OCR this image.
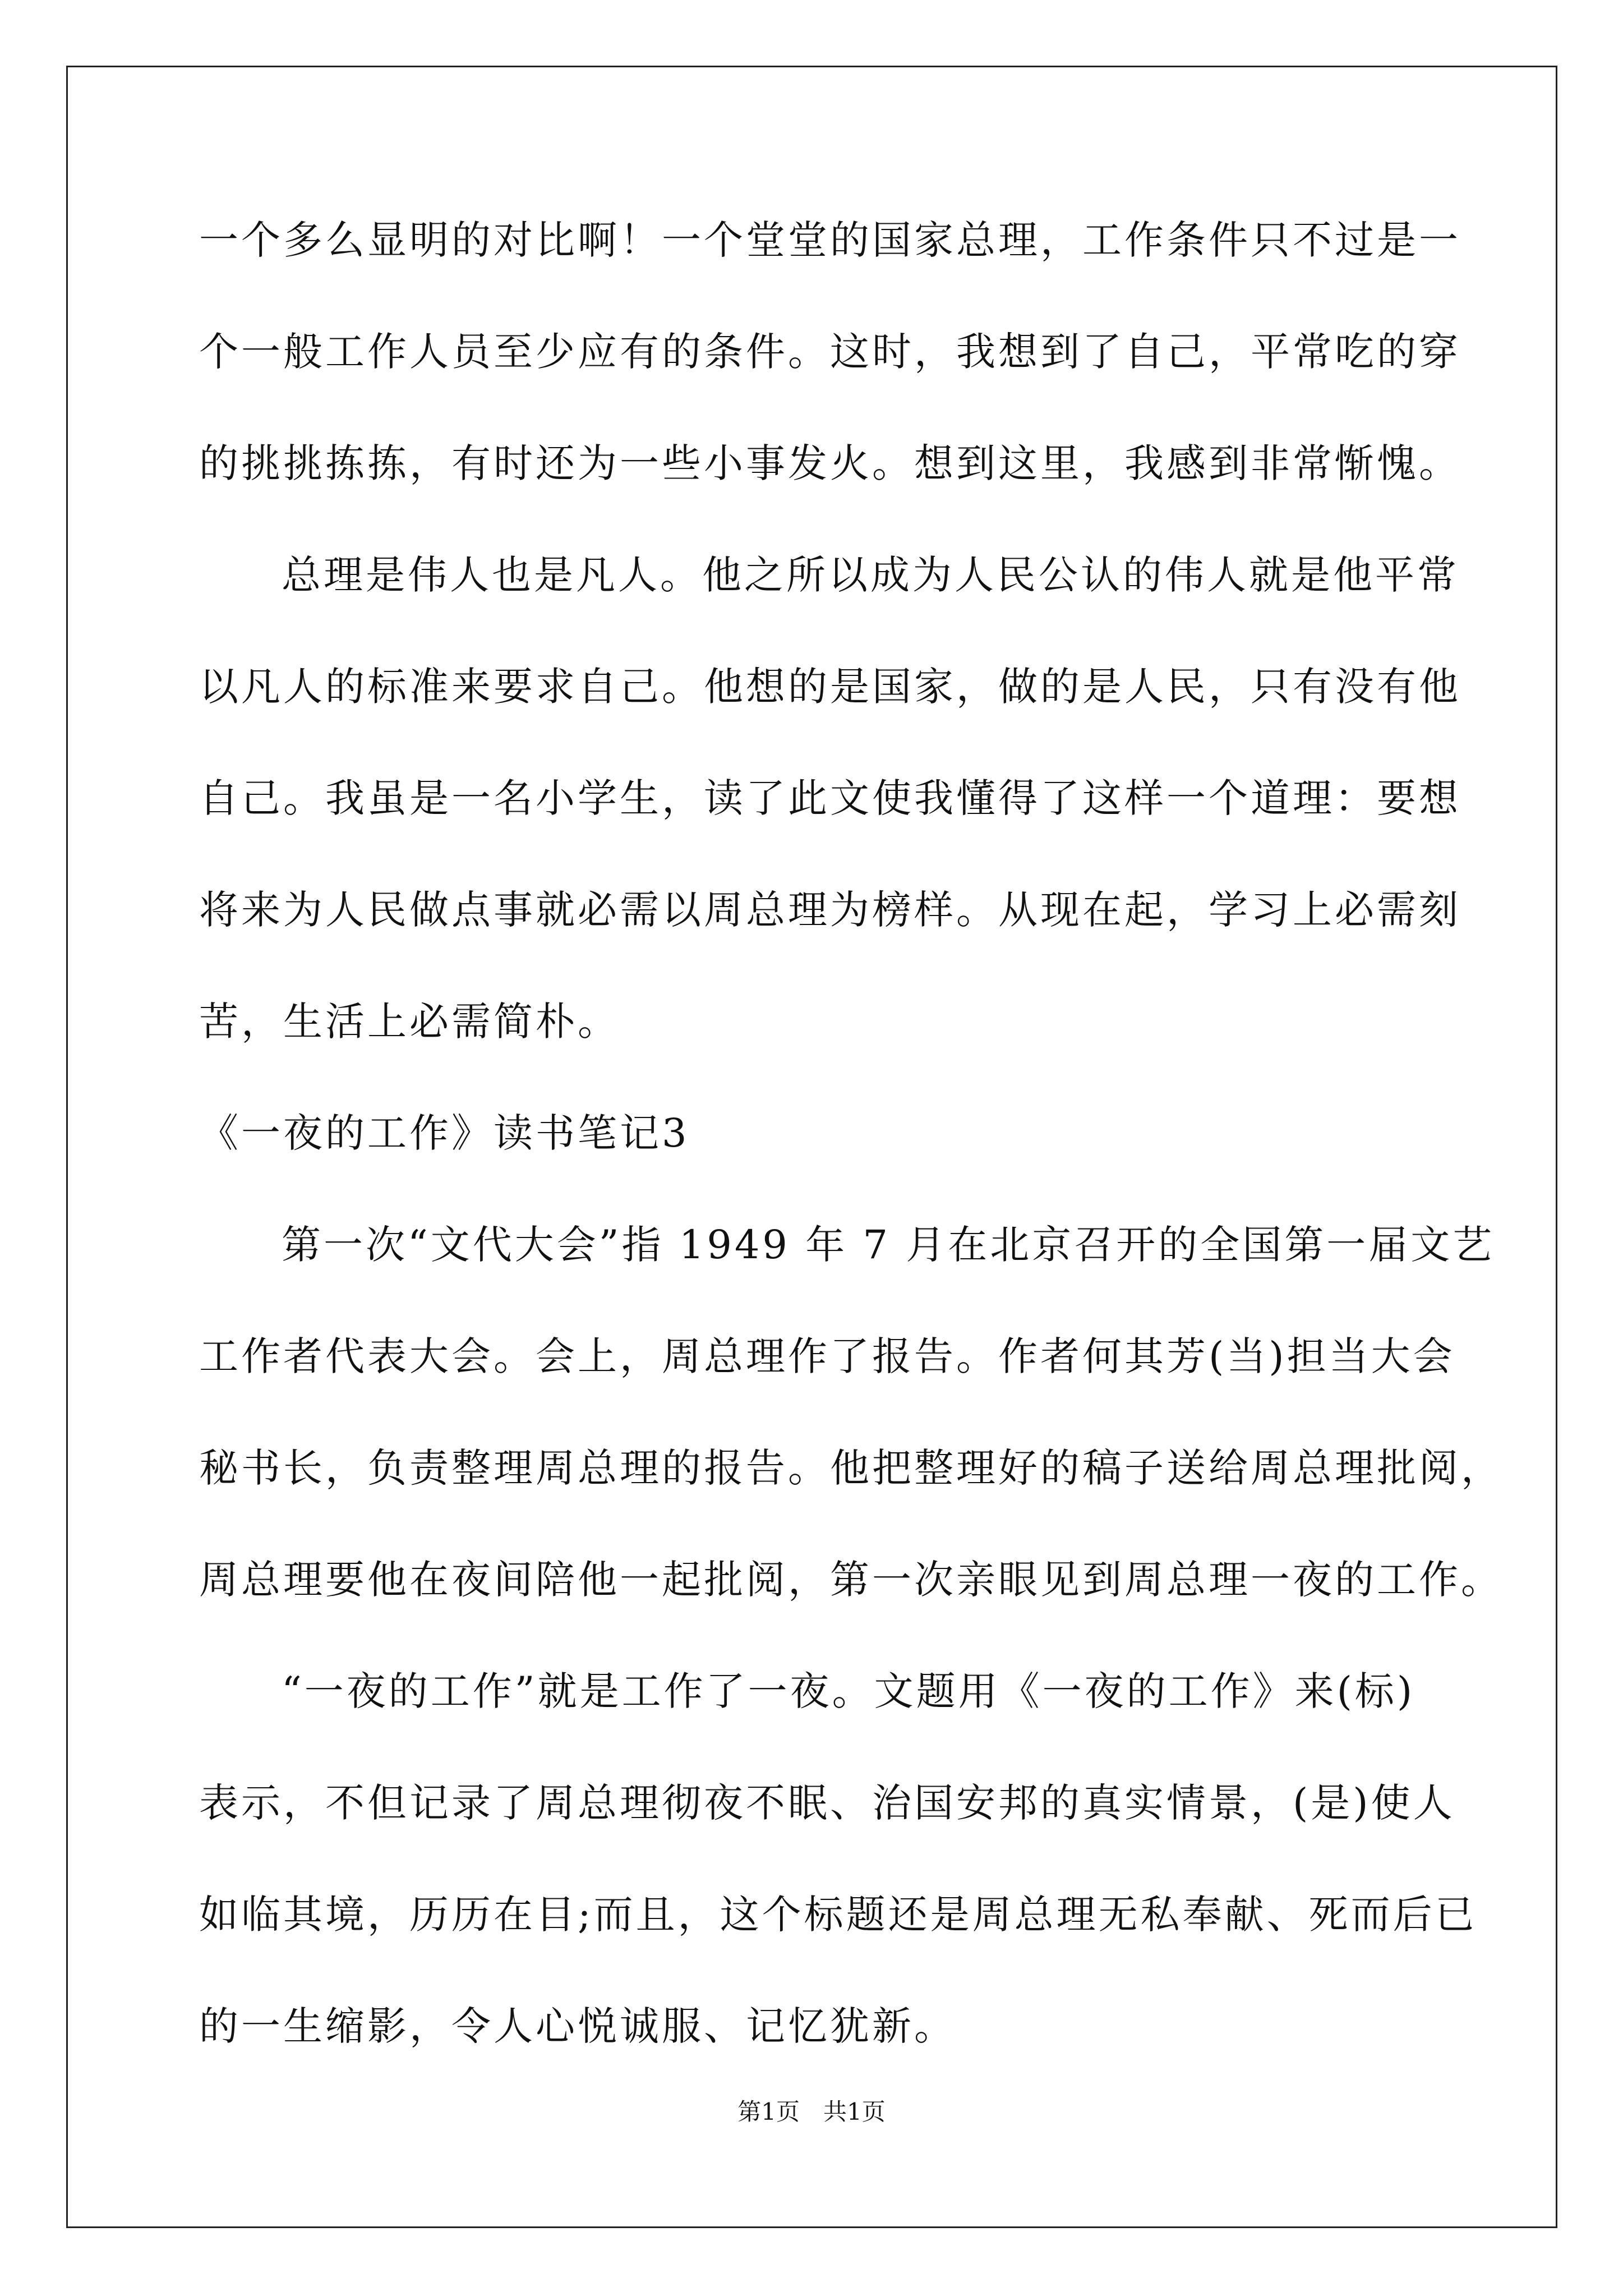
一个多么显明的对比啊！一个堂堂的国家总理，工作条件只不过是一
个一般工作人员至少应有的条件。这时，我想到了自己，平常吃的穿
的挑挑拣拣，有时还为一些小事发火。想到这里，我感到非常惭愧。
总理是伟人也是凡人。他之所以成为人民公认的伟人就是他平常
以凡人的标准来要求自己。他想的是国家，做的是人民，只有没有他
自己。我虽是一名小学生，读了此文使我懂得了这样一个道理：要想
将来为人民做点事就必需以周总理为榜样。从现在起，学习上必需刻
苦，生活上必需简朴。
《一夜的工作》读书笔记3
第一次“文代大会”指 1949 年 7 月在北京召开的全国第一届文艺
工作者代表大会。会上，周总理作了报告。作者何其芳(当)担当大会
秘书长，负责整理周总理的报告。他把整理好的稿子送给周总理批阅，
周总理要他在夜间陪他一起批阅，第一次亲眼见到周总理一夜的工作。
“一夜的工作”就是工作了一夜。文题用《一夜的工作》来(标)
表示，不但记录了周总理彻夜不眠、治国安邦的真实情景，(是)使人
如临其境，历历在目;而且，这个标题还是周总理无私奉献、死而后已
的一生缩影，令人心悦诚服、记忆犹新。
第1页　共1页
